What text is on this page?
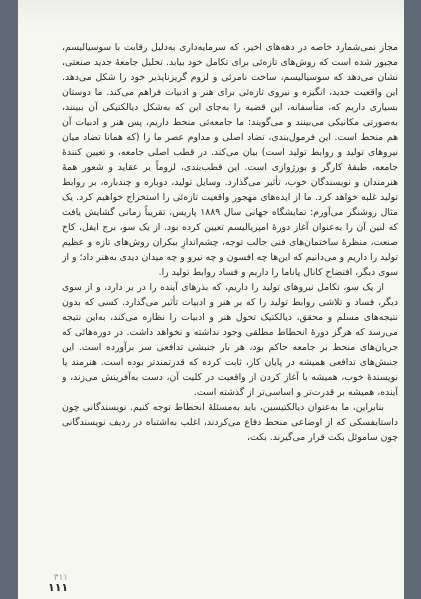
مجاز نمی‌شمارد خاصه در دهه‌های اخیر، که سرمایه‌داری به‌دلیل رقابت با سوسیالیسم، مجبور شده است که روش‌های تازه‌ئی برای تکامل خود بیابد. تحلیل جامعهٔ جدید صنعتی، نشان می‌دهد که سوسیالیسم، ساخت نامرئی و لزوم گریزناپذیر خود را شکل می‌دهد. این واقعیت جدید، انگیزه و نیروی تازه‌ئی برای هنر و ادبیات فراهم می‌کند. ما دوستان بسیاری داریم که، متأسفانه، این قضیه را به‌جای این که به‌شکل دیالکتیکی آن ببینند، به‌صورتی مکانیکی می‌بینند و می‌گویند: ما جامعه‌ئی منحط داریم، پس هنر و ادبیات آن هم منحط است. این فرمول‌بندی، تضاد اصلی و مداوم عصر ما را (که همانا تضاد میان نیروهای تولید و روابط تولید است) بیان می‌کند. در قطب اصلی جامعه، و تعیین کنندهٔ جامعه، طبقهٔ کارگر و بورژوازی است. این قطب‌بندی، لزوماً بر عقاید و شعور همهٔ هنرمندان و نویسندگان خوب، تأثیر می‌گذارد. وسایل تولید، دوباره و چندباره، بر روابط تولید غلبه خواهد کرد. ما از ایده‌های مهجور واقعیت تازه‌ئی را استخراج خواهیم کرد. یک مثال روشنگر می‌آورم: نمایشگاه جهانی سال ۱۸۸۹ پاریس، تقریباً زمانی گشایش یافت که لنین آن را به‌عنوان آغاز دورهٔ امپریالیسم تعیین کرده بود. از یک سو، برج ایفل، کاخ صنعت، منظرهٔ ساختمان‌های فنی جالب توجه، چشم‌اندازِ بیکران روش‌های تازه و عظیم تولید را داریم و می‌دانیم که این‌ها چه افسون و چه نیرو و چه میدان دیدی به‌هنر داد؛ و از سوی دیگر، افتضاح کانال پاناما را داریم و فساد روابط تولید را.

از یک سو، تکامل نیروهای تولید را داریم، که بذرهای آینده را در بر دارد، و از سوی دیگر، فساد و تلاشی روابط تولید را که بر هنر و ادبیات تأثیر می‌گذارد. کسی که بدون نتیجه‌های مسلم و محقق، دیالکتیک تحول هنر و ادبیات را نظاره می‌کند، به‌این نتیجه می‌رسد که هرگز دورهٔ انحطاط مطلقی وجود نداشته و نخواهد داشت. در دوره‌هائی که جریان‌های منحط بر جامعه حاکم بود، هر بار جنبشی تدافعی سر برآورده است. این جنبش‌های تدافعی همیشه در پایان کار، ثابت کرده که قدرتمندتر بوده است. هنرمند یا نویسندهٔ خوب، همیشه با آغاز کردن از واقعیت در کلیت آن، دست به‌آفرینش می‌زند، و آینده، همیشه بر قدرت‌تر و اساسی‌تر از گذشته است.

بنابراین، ما به‌عنوان دیالکتیسین، باید به‌مسئلهٔ انحطاط توجه کنیم. نویسندگانی چون داستایفسکی که از اوضاعی منحط دفاع می‌کردند، اغلب به‌اشتباه در ردیف نویسندگانی چون ساموئل بکت قرار می‌گیرند. بکت،

۳۱۱
۱۱۱
